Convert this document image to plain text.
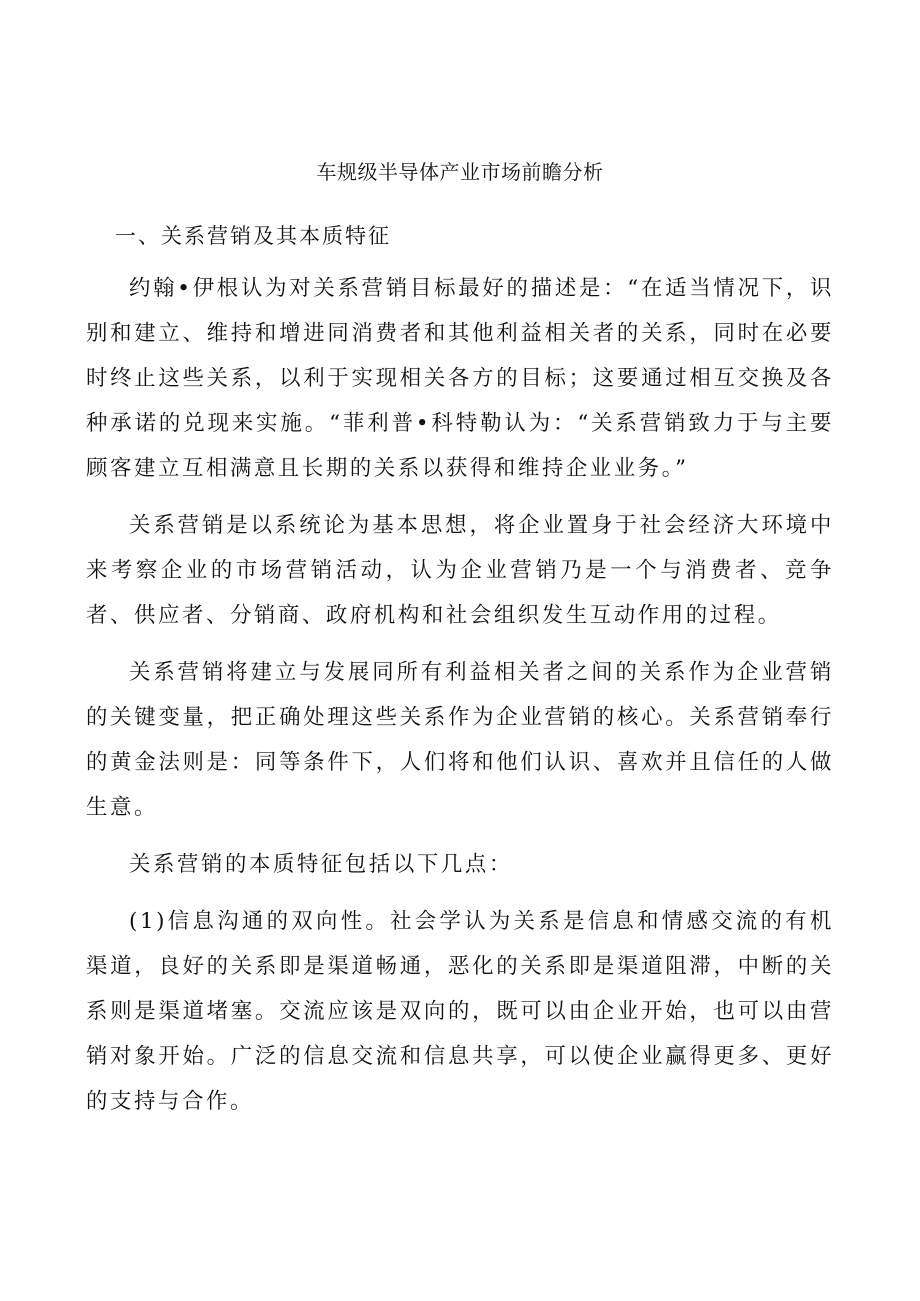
车规级半导体产业市场前瞻分析
一、关系营销及其本质特征

约翰•伊根认为对关系营销目标最好的描述是：“在适当情况下，识别和建立、维持和增进同消费者和其他利益相关者的关系，同时在必要时终止这些关系，以利于实现相关各方的目标；这要通过相互交换及各种承诺的兑现来实施。“菲利普•科特勒认为：“关系营销致力于与主要顾客建立互相满意且长期的关系以获得和维持企业业务。”

关系营销是以系统论为基本思想，将企业置身于社会经济大环境中来考察企业的市场营销活动，认为企业营销乃是一个与消费者、竞争者、供应者、分销商、政府机构和社会组织发生互动作用的过程。

关系营销将建立与发展同所有利益相关者之间的关系作为企业营销的关键变量，把正确处理这些关系作为企业营销的核心。关系营销奉行的黄金法则是：同等条件下，人们将和他们认识、喜欢并且信任的人做生意。

关系营销的本质特征包括以下几点：

(1)信息沟通的双向性。社会学认为关系是信息和情感交流的有机渠道，良好的关系即是渠道畅通，恶化的关系即是渠道阻滞，中断的关系则是渠道堵塞。交流应该是双向的，既可以由企业开始，也可以由营销对象开始。广泛的信息交流和信息共享，可以使企业赢得更多、更好的支持与合作。
